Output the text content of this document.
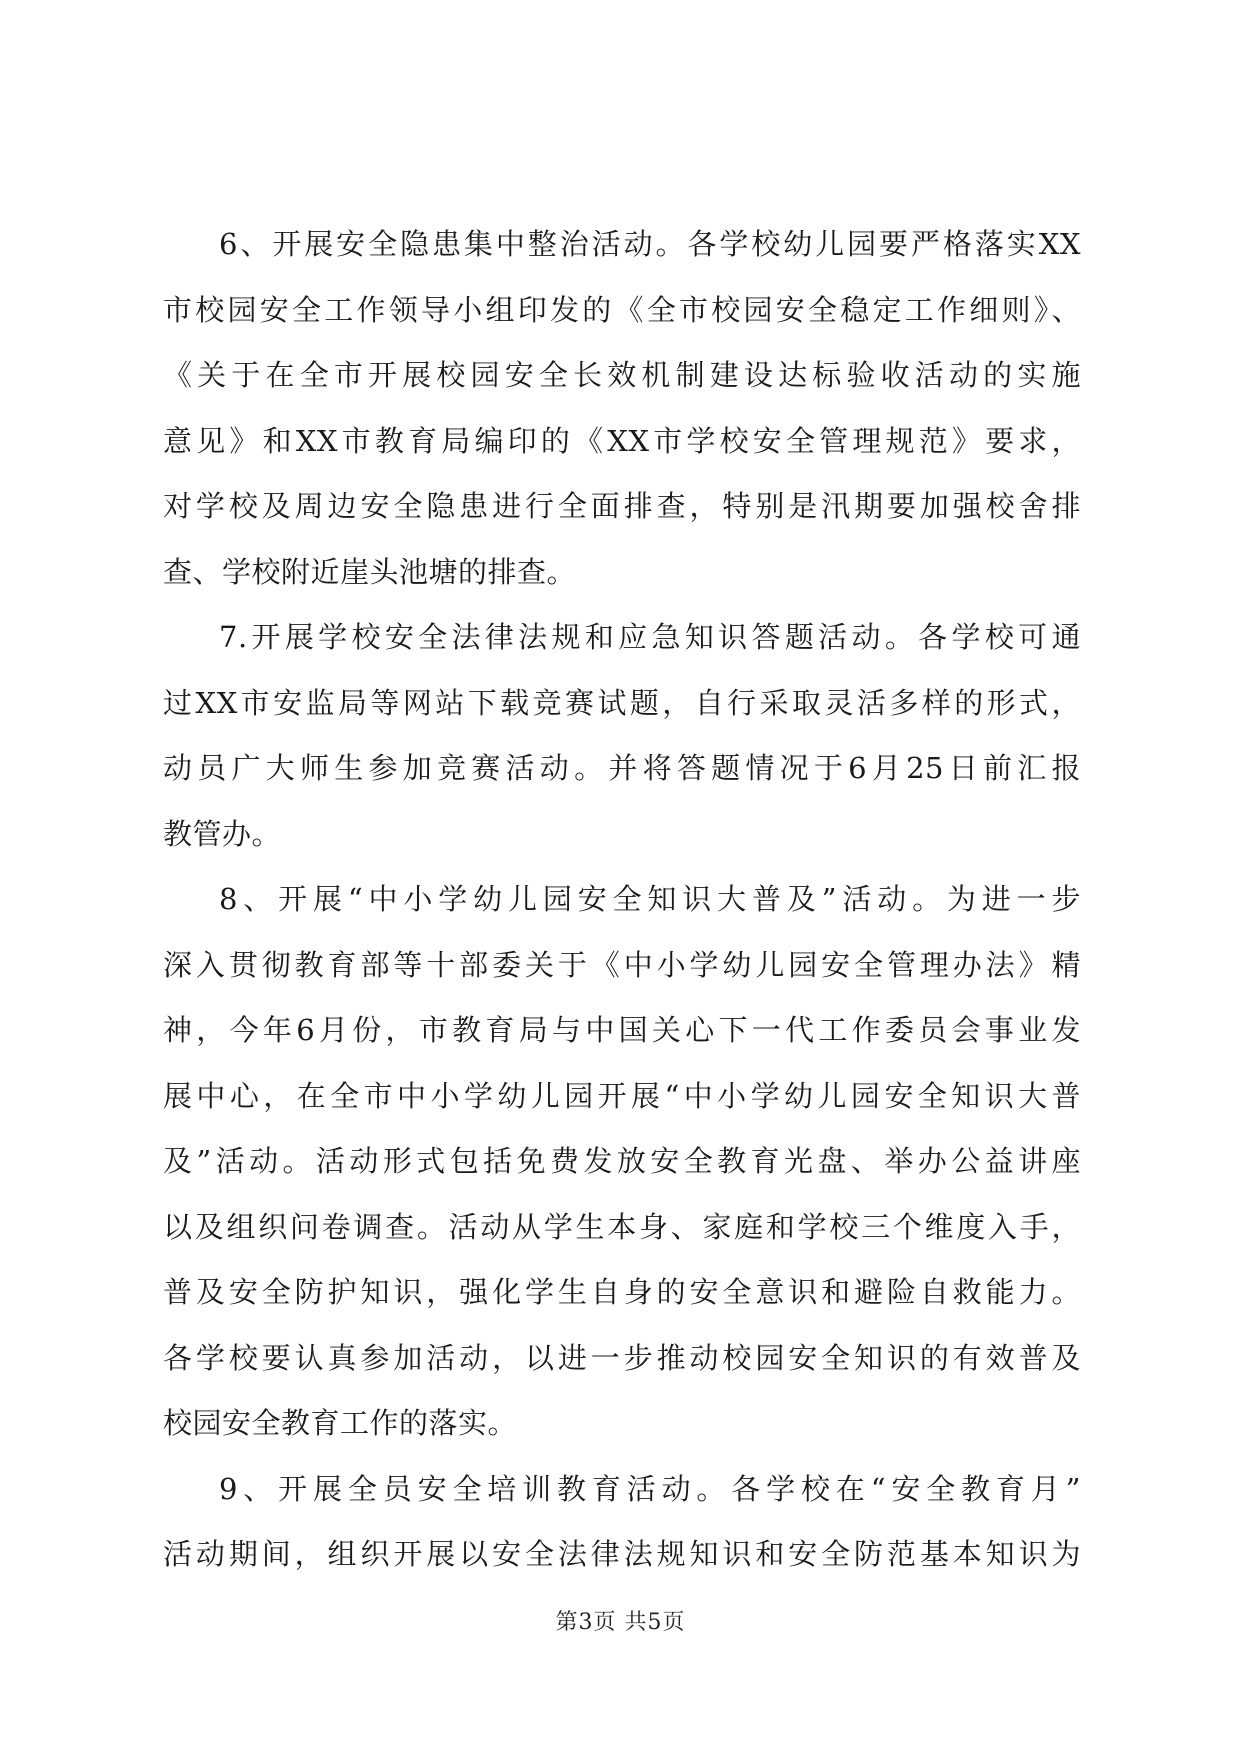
6、开展安全隐患集中整治活动。各学校幼儿园要严格落实XX
市校园安全工作领导小组印发的《全市校园安全稳定工作细则》、
《关于在全市开展校园安全长效机制建设达标验收活动的实施
意见》和XX市教育局编印的《XX市学校安全管理规范》要求，
对学校及周边安全隐患进行全面排查，特别是汛期要加强校舍排
查、学校附近崖头池塘的排查。
7.开展学校安全法律法规和应急知识答题活动。各学校可通
过XX市安监局等网站下载竞赛试题，自行采取灵活多样的形式，
动员广大师生参加竞赛活动。并将答题情况于6月25日前汇报
教管办。
8、开展“中小学幼儿园安全知识大普及”活动。为进一步
深入贯彻教育部等十部委关于《中小学幼儿园安全管理办法》精
神，今年6月份，市教育局与中国关心下一代工作委员会事业发
展中心，在全市中小学幼儿园开展“中小学幼儿园安全知识大普
及”活动。活动形式包括免费发放安全教育光盘、举办公益讲座
以及组织问卷调查。活动从学生本身、家庭和学校三个维度入手，
普及安全防护知识，强化学生自身的安全意识和避险自救能力。
各学校要认真参加活动，以进一步推动校园安全知识的有效普及
校园安全教育工作的落实。
9、开展全员安全培训教育活动。各学校在“安全教育月”
活动期间，组织开展以安全法律法规知识和安全防范基本知识为
第3页 共5页
